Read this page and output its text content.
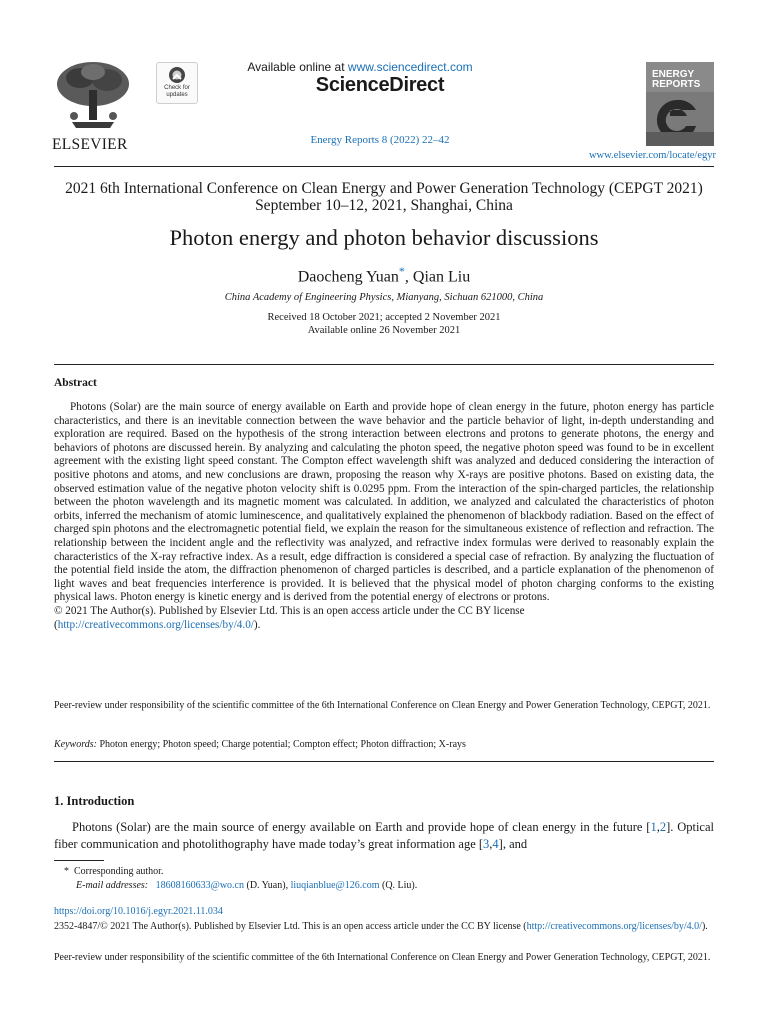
ELSEVIER
Check for
updates
Available online at www.sciencedirect.com
ScienceDirect
Energy Reports 8 (2022) 22–42
ENERGY
REPORTS
www.elsevier.com/locate/egyr
2021 6th International Conference on Clean Energy and Power Generation Technology (CEPGT 2021) September 10–12, 2021, Shanghai, China
Photon energy and photon behavior discussions
Daocheng Yuan*, Qian Liu
China Academy of Engineering Physics, Mianyang, Sichuan 621000, China
Received 18 October 2021; accepted 2 November 2021
Available online 26 November 2021
Abstract

Photons (Solar) are the main source of energy available on Earth and provide hope of clean energy in the future, photon energy has particle characteristics, and there is an inevitable connection between the wave behavior and the particle behavior of light, in-depth understanding and exploration are required. Based on the hypothesis of the strong interaction between electrons and protons to generate photons, the energy and behaviors of photons are discussed herein. By analyzing and calculating the photon speed, the negative photon speed was found to be in excellent agreement with the existing light speed constant. The Compton effect wavelength shift was analyzed and deduced considering the interaction of positive photons and atoms, and new conclusions are drawn, proposing the reason why X-rays are positive photons. Based on existing data, the observed estimation value of the negative photon velocity shift is 0.0295 ppm. From the interaction of the spin-charged particles, the relationship between the photon wavelength and its magnetic moment was calculated. In addition, we analyzed and calculated the characteristics of photon orbits, inferred the mechanism of atomic luminescence, and qualitatively explained the phenomenon of blackbody radiation. Based on the effect of charged spin photons and the electromagnetic potential field, we explain the reason for the simultaneous existence of reflection and refraction. The relationship between the incident angle and the reflectivity was analyzed, and refractive index formulas were derived to reasonably explain the characteristics of the X-ray refractive index. As a result, edge diffraction is considered a special case of refraction. By analyzing the fluctuation of the potential field inside the atom, the diffraction phenomenon of charged particles is described, and a particle explanation of the phenomenon of light waves and beat frequencies interference is provided. It is believed that the physical model of photon charging conforms to the existing physical laws. Photon energy is kinetic energy and is derived from the potential energy of electrons or protons.

© 2021 The Author(s). Published by Elsevier Ltd. This is an open access article under the CC BY license
(http://creativecommons.org/licenses/by/4.0/).

Peer-review under responsibility of the scientific committee of the 6th International Conference on Clean Energy and Power Generation Technology, CEPGT, 2021.
Keywords: Photon energy; Photon speed; Charge potential; Compton effect; Photon diffraction; X-rays
1. Introduction
Photons (Solar) are the main source of energy available on Earth and provide hope of clean energy in the future [1,2]. Optical fiber communication and photolithography have made today’s great information age [3,4], and
* Corresponding author.
E-mail addresses: 18608160633@wo.cn (D. Yuan), liuqianblue@126.com (Q. Liu).
https://doi.org/10.1016/j.egyr.2021.11.034
2352-4847/© 2021 The Author(s). Published by Elsevier Ltd. This is an open access article under the CC BY license (http://creativecommons.org/licenses/by/4.0/).
Peer-review under responsibility of the scientific committee of the 6th International Conference on Clean Energy and Power Generation Technology, CEPGT, 2021.
